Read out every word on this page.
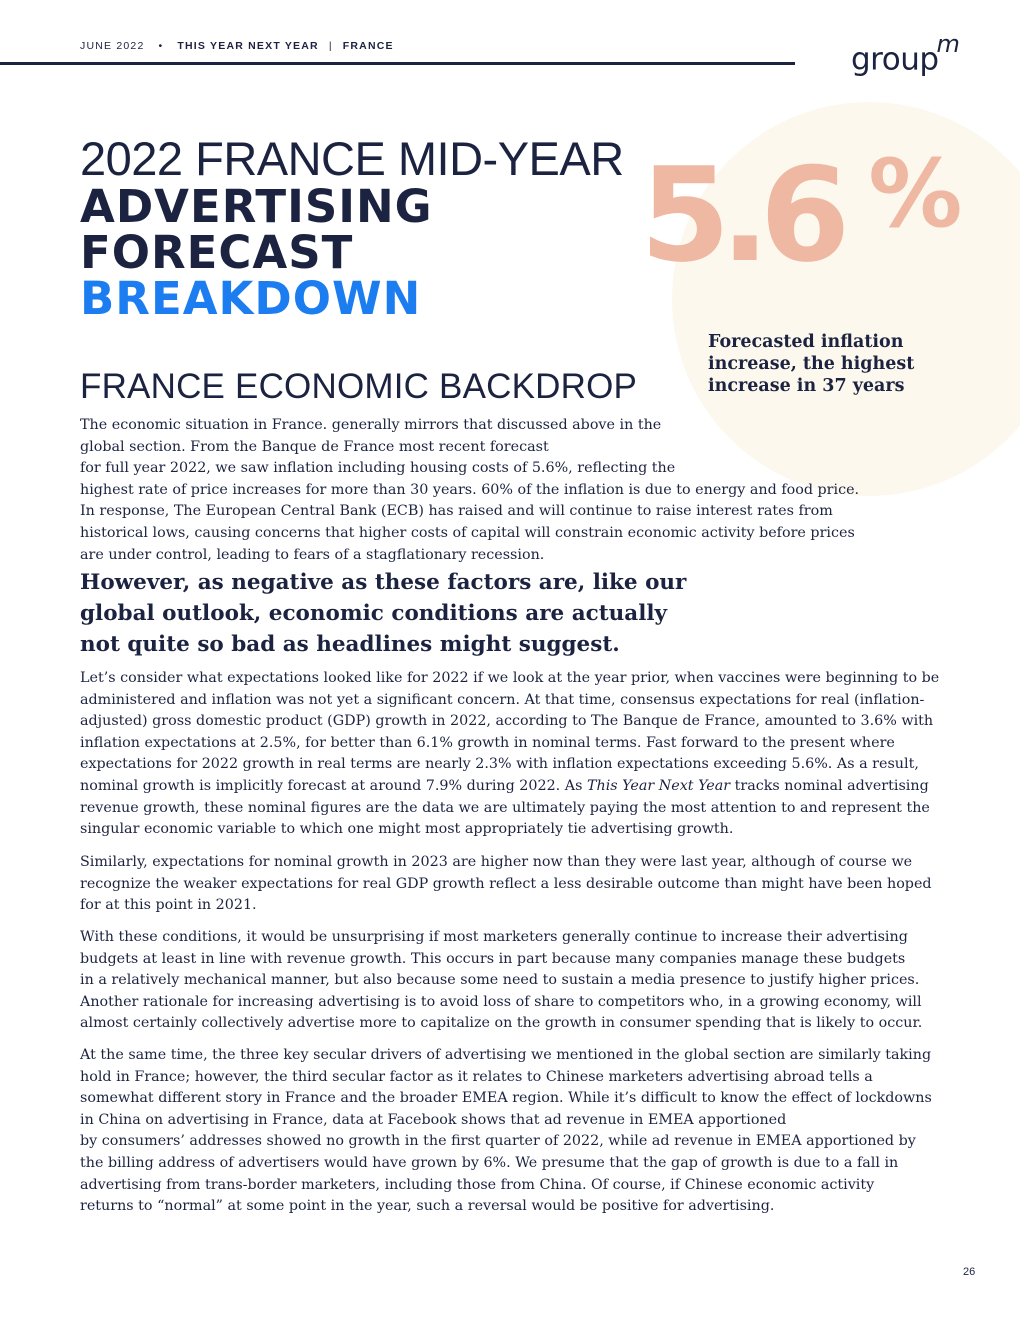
JUNE 2022 • THIS YEAR NEXT YEAR | FRANCE	group$^m$
5.6 %
Forecasted inflation
increase, the highest
increase in 37 years
2022 FRANCE MID-YEAR
ADVERTISING
FORECAST
BREAKDOWN
FRANCE ECONOMIC BACKDROP
The economic situation in France. generally mirrors that discussed above in the
global section. From the Banque de France most recent forecast
for full year 2022, we saw inflation including housing costs of 5.6%, reflecting the
highest rate of price increases for more than 30 years. 60% of the inflation is due to energy and food price.
In response, The European Central Bank (ECB) has raised and will continue to raise interest rates from
historical lows, causing concerns that higher costs of capital will constrain economic activity before prices
are under control, leading to fears of a stagflationary recession.
However, as negative as these factors are, like our
global outlook, economic conditions are actually
not quite so bad as headlines might suggest.
Let’s consider what expectations looked like for 2022 if we look at the year prior, when vaccines were beginning to be
administered and inflation was not yet a significant concern. At that time, consensus expectations for real (inflation-
adjusted) gross domestic product (GDP) growth in 2022, according to The Banque de France, amounted to 3.6% with
inflation expectations at 2.5%, for better than 6.1% growth in nominal terms. Fast forward to the present where
expectations for 2022 growth in real terms are nearly 2.3% with inflation expectations exceeding 5.6%. As a result,
nominal growth is implicitly forecast at around 7.9% during 2022. As This Year Next Year tracks nominal advertising
revenue growth, these nominal figures are the data we are ultimately paying the most attention to and represent the
singular economic variable to which one might most appropriately tie advertising growth.
Similarly, expectations for nominal growth in 2023 are higher now than they were last year, although of course we
recognize the weaker expectations for real GDP growth reflect a less desirable outcome than might have been hoped
for at this point in 2021.
With these conditions, it would be unsurprising if most marketers generally continue to increase their advertising
budgets at least in line with revenue growth. This occurs in part because many companies manage these budgets
in a relatively mechanical manner, but also because some need to sustain a media presence to justify higher prices.
Another rationale for increasing advertising is to avoid loss of share to competitors who, in a growing economy, will
almost certainly collectively advertise more to capitalize on the growth in consumer spending that is likely to occur.
At the same time, the three key secular drivers of advertising we mentioned in the global section are similarly taking
hold in France; however, the third secular factor as it relates to Chinese marketers advertising abroad tells a
somewhat different story in France and the broader EMEA region. While it’s difficult to know the effect of lockdowns
in China on advertising in France, data at Facebook shows that ad revenue in EMEA apportioned
by consumers’ addresses showed no growth in the first quarter of 2022, while ad revenue in EMEA apportioned by
the billing address of advertisers would have grown by 6%. We presume that the gap of growth is due to a fall in
advertising from trans-border marketers, including those from China. Of course, if Chinese economic activity
returns to “normal” at some point in the year, such a reversal would be positive for advertising.
26
